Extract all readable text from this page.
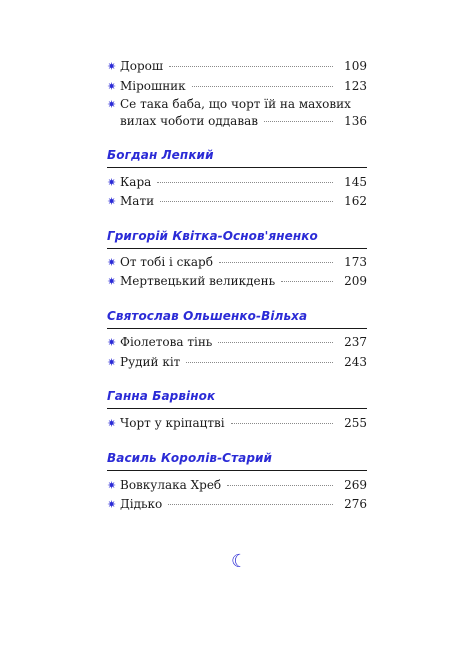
✷ Дорош	109
✷ Мірошник	123
✷ Се така баба, що чорт їй на махових
вилах чоботи оддавав	136
Богдан Лепкий
✷ Кара	145
✷ Мати	162
Григорій Квітка-Основ'яненко
✷ От тобі і скарб	173
✷ Мертвецький великдень	209
Святослав Ольшенко-Вільха
✷ Фіолетова тінь	237
✷ Рудий кіт	243
Ганна Барвінок
✷ Чорт у кріпацтві	255
Василь Королів-Старий
✷ Вовкулака Хреб	269
✷ Дідько	276
☾
